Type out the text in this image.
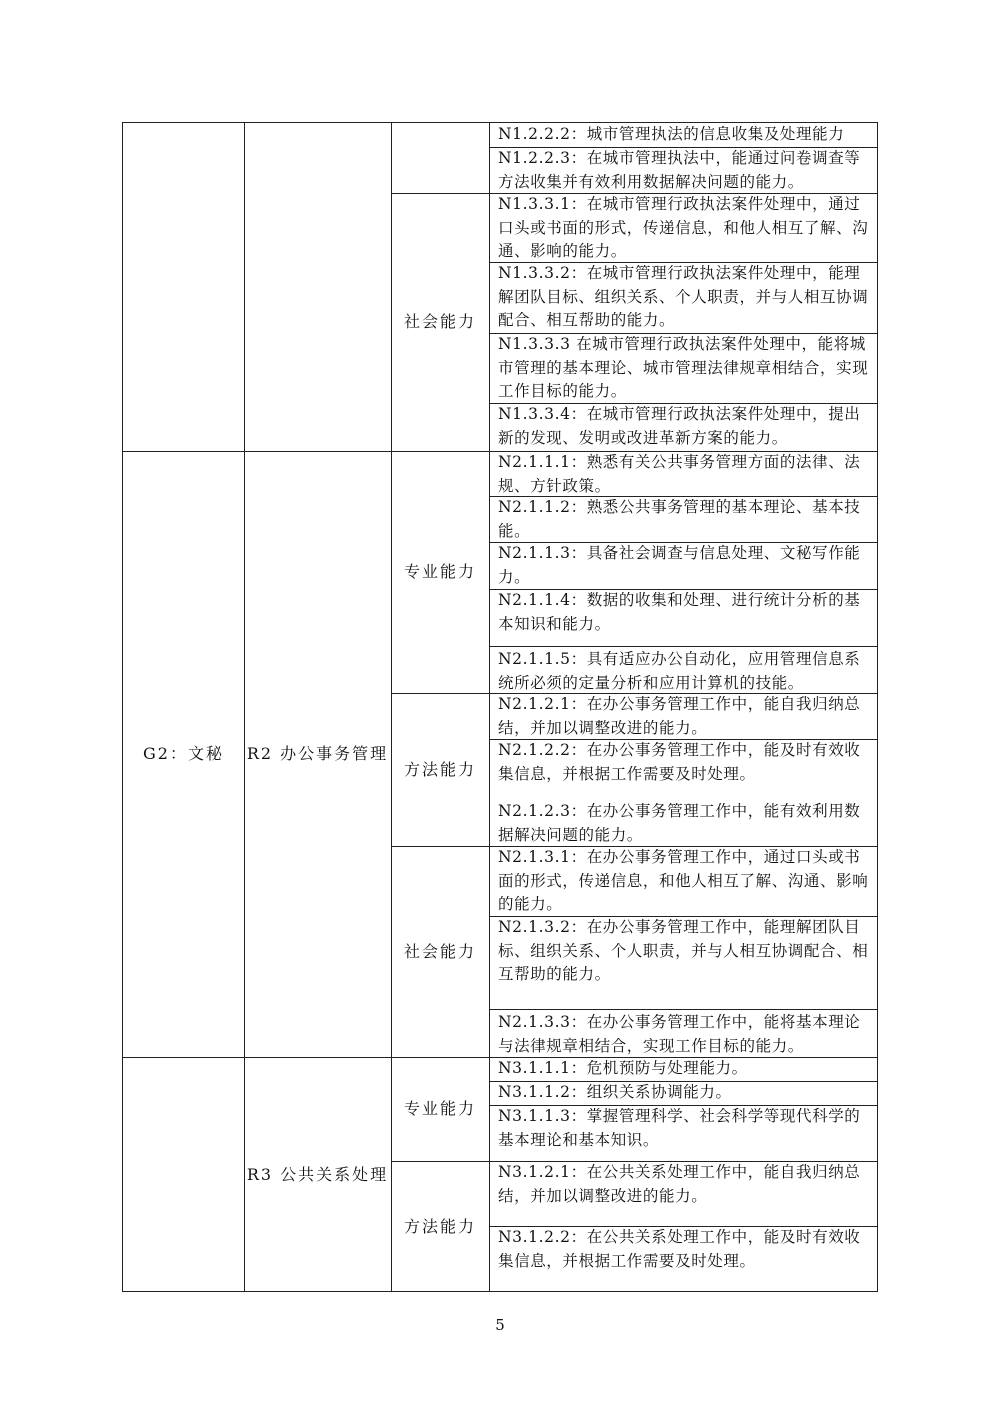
G2：文秘	R2 办公事务管理
R3 公共关系处理
社会能力
专业能力
方法能力
社会能力
专业能力
方法能力
N1.2.2.2：城市管理执法的信息收集及处理能力
N1.2.2.3：在城市管理执法中，能通过问卷调查等方法收集并有效利用数据解决问题的能力。
N1.3.3.1：在城市管理行政执法案件处理中，通过口头或书面的形式，传递信息，和他人相互了解、沟通、影响的能力。
N1.3.3.2：在城市管理行政执法案件处理中，能理解团队目标、组织关系、个人职责，并与人相互协调配合、相互帮助的能力。
N1.3.3.3 在城市管理行政执法案件处理中，能将城市管理的基本理论、城市管理法律规章相结合，实现工作目标的能力。
N1.3.3.4：在城市管理行政执法案件处理中，提出新的发现、发明或改进革新方案的能力。
N2.1.1.1：熟悉有关公共事务管理方面的法律、法规、方针政策。
N2.1.1.2：熟悉公共事务管理的基本理论、基本技能。
N2.1.1.3：具备社会调查与信息处理、文秘写作能力。
N2.1.1.4：数据的收集和处理、进行统计分析的基本知识和能力。
N2.1.1.5：具有适应办公自动化，应用管理信息系统所必须的定量分析和应用计算机的技能。
N2.1.2.1：在办公事务管理工作中，能自我归纳总结，并加以调整改进的能力。
N2.1.2.2：在办公事务管理工作中，能及时有效收集信息，并根据工作需要及时处理。
N2.1.2.3：在办公事务管理工作中，能有效利用数据解决问题的能力。
N2.1.3.1：在办公事务管理工作中，通过口头或书面的形式，传递信息，和他人相互了解、沟通、影响的能力。
N2.1.3.2：在办公事务管理工作中，能理解团队目标、组织关系、个人职责，并与人相互协调配合、相互帮助的能力。
N2.1.3.3：在办公事务管理工作中，能将基本理论与法律规章相结合，实现工作目标的能力。
N3.1.1.1：危机预防与处理能力。
N3.1.1.2：组织关系协调能力。
N3.1.1.3：掌握管理科学、社会科学等现代科学的基本理论和基本知识。
N3.1.2.1：在公共关系处理工作中，能自我归纳总结，并加以调整改进的能力。
N3.1.2.2：在公共关系处理工作中，能及时有效收集信息，并根据工作需要及时处理。
5
